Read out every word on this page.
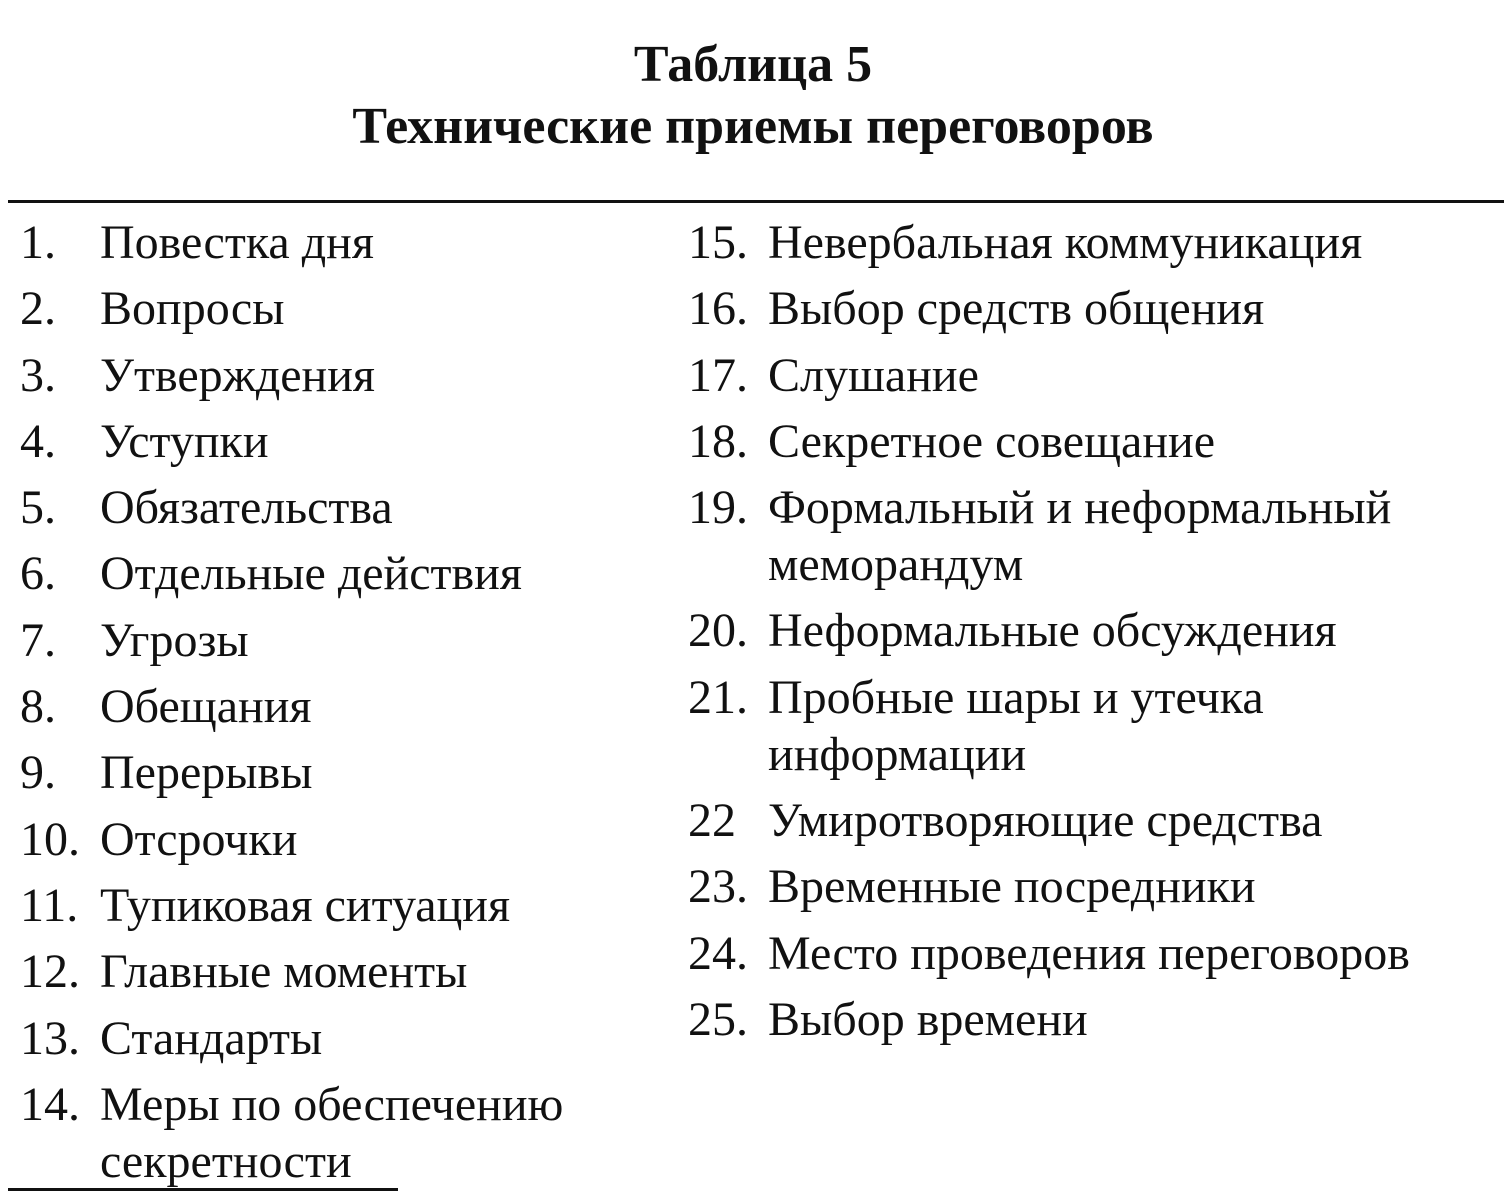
Таблица 5
Технические приемы переговоров
1. Повестка дня
2. Вопросы
3. Утверждения
4. Уступки
5. Обязательства
6. Отдельные действия
7. Угрозы
8. Обещания
9. Перерывы
10. Отсрочки
11. Тупиковая ситуация
12. Главные моменты
13. Стандарты
14. Меры по обеспечению секретности
15. Невербальная коммуникация
16. Выбор средств общения
17. Слушание
18. Секретное совещание
19. Формальный и неформальный меморандум
20. Неформальные обсуждения
21. Пробные шары и утечка информации
22 Умиротворяющие средства
23. Временные посредники
24. Место проведения переговоров
25. Выбор времени
